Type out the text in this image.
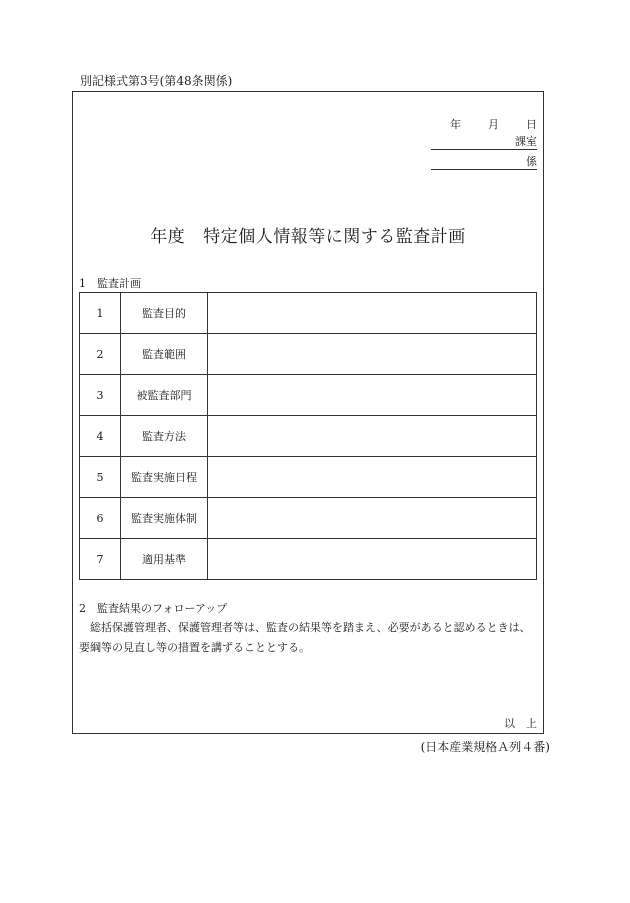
別記様式第3号(第48条関係)
年	月	日
課室
係
年度 特定個人情報等に関する監査計画
1　監査計画
1	監査目的	
2	監査範囲	
3	被監査部門	
4	監査方法	
5	監査実施日程	
6	監査実施体制	
7	適用基準	
2　監査結果のフォローアップ
総括保護管理者、保護管理者等は、監査の結果等を踏まえ、必要があると認めるときは、要綱等の見直し等の措置を講ずることとする。
以 上
(日本産業規格Ａ列４番)
